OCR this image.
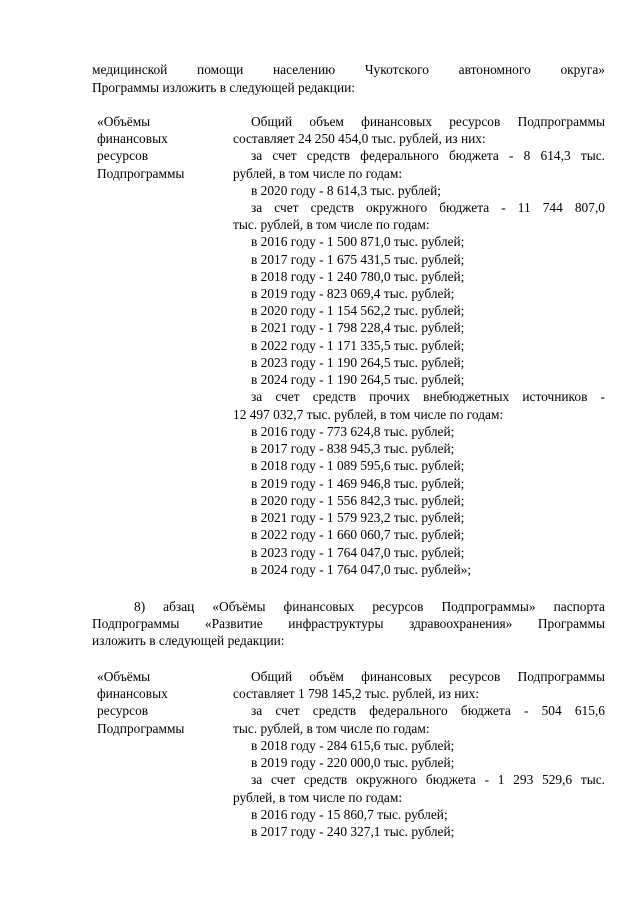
медицинской помощи населению Чукотского автономного округа»
Программы изложить в следующей редакции:
«Объёмы
финансовых
ресурсов
Подпрограммы
Общий объем финансовых ресурсов Подпрограммы
составляет 24 250 454,0 тыс. рублей, из них:
за счет средств федерального бюджета - 8 614,3 тыс.
рублей, в том числе по годам:
в 2020 году - 8 614,3 тыс. рублей;
за счет средств окружного бюджета - 11 744 807,0
тыс. рублей, в том числе по годам:
в 2016 году - 1 500 871,0 тыс. рублей;
в 2017 году - 1 675 431,5 тыс. рублей;
в 2018 году - 1 240 780,0 тыс. рублей;
в 2019 году - 823 069,4 тыс. рублей;
в 2020 году - 1 154 562,2 тыс. рублей;
в 2021 году - 1 798 228,4 тыс. рублей;
в 2022 году - 1 171 335,5 тыс. рублей;
в 2023 году - 1 190 264,5 тыс. рублей;
в 2024 году - 1 190 264,5 тыс. рублей;
за счет средств прочих внебюджетных источников -
12 497 032,7 тыс. рублей, в том числе по годам:
в 2016 году - 773 624,8 тыс. рублей;
в 2017 году - 838 945,3 тыс. рублей;
в 2018 году - 1 089 595,6 тыс. рублей;
в 2019 году - 1 469 946,8 тыс. рублей;
в 2020 году - 1 556 842,3 тыс. рублей;
в 2021 году - 1 579 923,2 тыс. рублей;
в 2022 году - 1 660 060,7 тыс. рублей;
в 2023 году - 1 764 047,0 тыс. рублей;
в 2024 году - 1 764 047,0 тыс. рублей»;
8) абзац «Объёмы финансовых ресурсов Подпрограммы» паспорта
Подпрограммы «Развитие инфраструктуры здравоохранения» Программы
изложить в следующей редакции:
«Объёмы
финансовых
ресурсов
Подпрограммы
Общий объём финансовых ресурсов Подпрограммы
составляет 1 798 145,2 тыс. рублей, из них:
за счет средств федерального бюджета - 504 615,6
тыс. рублей, в том числе по годам:
в 2018 году - 284 615,6 тыс. рублей;
в 2019 году - 220 000,0 тыс. рублей;
за счет средств окружного бюджета - 1 293 529,6 тыс.
рублей, в том числе по годам:
в 2016 году - 15 860,7 тыс. рублей;
в 2017 году - 240 327,1 тыс. рублей;
